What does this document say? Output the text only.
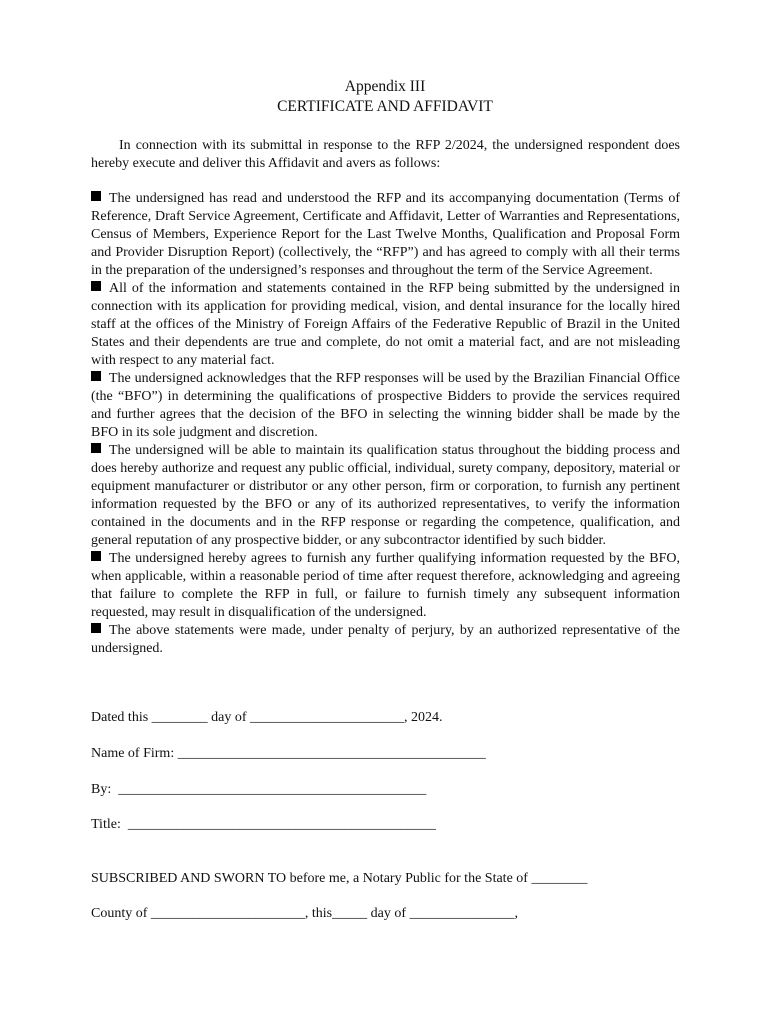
Appendix III
CERTIFICATE AND AFFIDAVIT

In connection with its submittal in response to the RFP 2/2024, the undersigned respondent does hereby execute and deliver this Affidavit and avers as follows:

The undersigned has read and understood the RFP and its accompanying documentation (Terms of Reference, Draft Service Agreement, Certificate and Affidavit, Letter of Warranties and Representations, Census of Members, Experience Report for the Last Twelve Months, Qualification and Proposal Form and Provider Disruption Report) (collectively, the “RFP”) and has agreed to comply with all their terms in the preparation of the undersigned’s responses and throughout the term of the Service Agreement.

All of the information and statements contained in the RFP being submitted by the undersigned in connection with its application for providing medical, vision, and dental insurance for the locally hired staff at the offices of the Ministry of Foreign Affairs of the Federative Republic of Brazil in the United States and their dependents are true and complete, do not omit a material fact, and are not misleading with respect to any material fact.

The undersigned acknowledges that the RFP responses will be used by the Brazilian Financial Office (the “BFO”) in determining the qualifications of prospective Bidders to provide the services required and further agrees that the decision of the BFO in selecting the winning bidder shall be made by the BFO in its sole judgment and discretion.

The undersigned will be able to maintain its qualification status throughout the bidding process and does hereby authorize and request any public official, individual, surety company, depository, material or equipment manufacturer or distributor or any other person, firm or corporation, to furnish any pertinent information requested by the BFO or any of its authorized representatives, to verify the information contained in the documents and in the RFP response or regarding the competence, qualification, and general reputation of any prospective bidder, or any subcontractor identified by such bidder.

The undersigned hereby agrees to furnish any further qualifying information requested by the BFO, when applicable, within a reasonable period of time after request therefore, acknowledging and agreeing that failure to complete the RFP in full, or failure to furnish timely any subsequent information requested, may result in disqualification of the undersigned.

The above statements were made, under penalty of perjury, by an authorized representative of the undersigned.

Dated this ________ day of ______________________, 2024.
Name of Firm: ____________________________________________
By:  ____________________________________________
Title:  ____________________________________________
SUBSCRIBED AND SWORN TO before me, a Notary Public for the State of ________
County of ______________________, this_____ day of _______________,
